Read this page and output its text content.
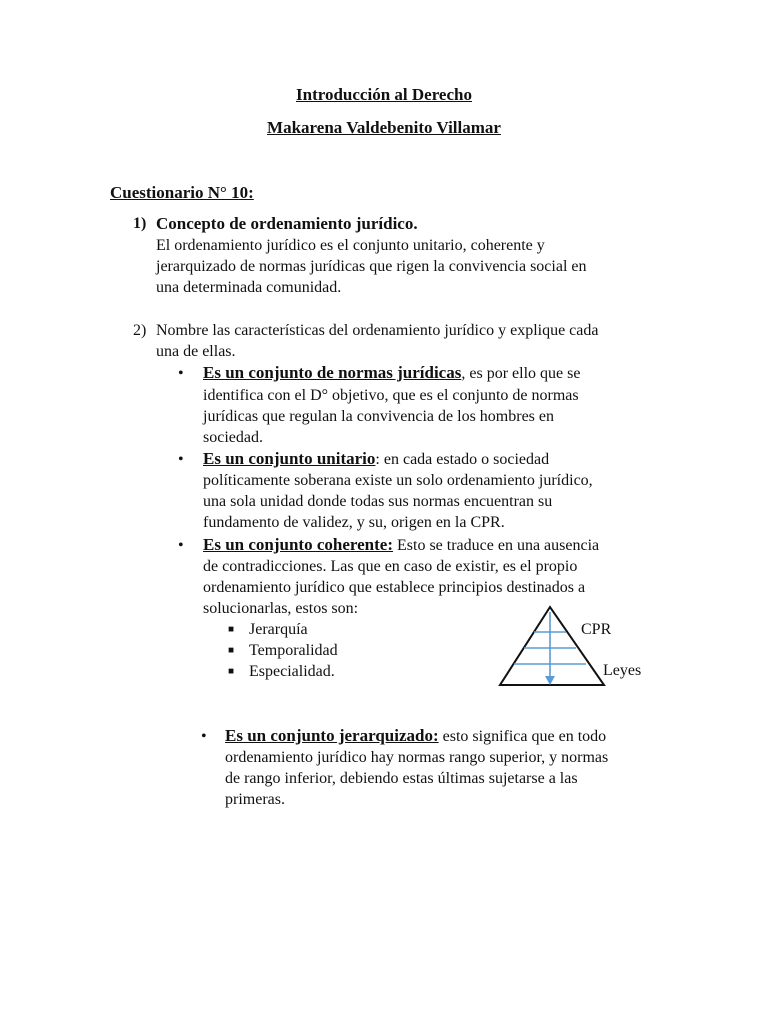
Introducción al Derecho
Makarena Valdebenito Villamar
Cuestionario N° 10:
1) Concepto de ordenamiento jurídico.
El ordenamiento jurídico es el conjunto unitario, coherente y
jerarquizado de normas jurídicas que rigen la convivencia social en
una determinada comunidad.
2) Nombre las características del ordenamiento jurídico y explique cada
una de ellas.
• Es un conjunto de normas jurídicas, es por ello que se
identifica con el D° objetivo, que es el conjunto de normas
jurídicas que regulan la convivencia de los hombres en
sociedad.
• Es un conjunto unitario: en cada estado o sociedad
políticamente soberana existe un solo ordenamiento jurídico,
una sola unidad donde todas sus normas encuentran su
fundamento de validez, y su, origen en la CPR.
• Es un conjunto coherente: Esto se traduce en una ausencia
de contradicciones. Las que en caso de existir, es el propio
ordenamiento jurídico que establece principios destinados a
solucionarlas, estos son:
■ Jerarquía
■ Temporalidad
■ Especialidad.
CPR
Leyes
• Es un conjunto jerarquizado: esto significa que en todo
ordenamiento jurídico hay normas rango superior, y normas
de rango inferior, debiendo estas últimas sujetarse a las
primeras.
